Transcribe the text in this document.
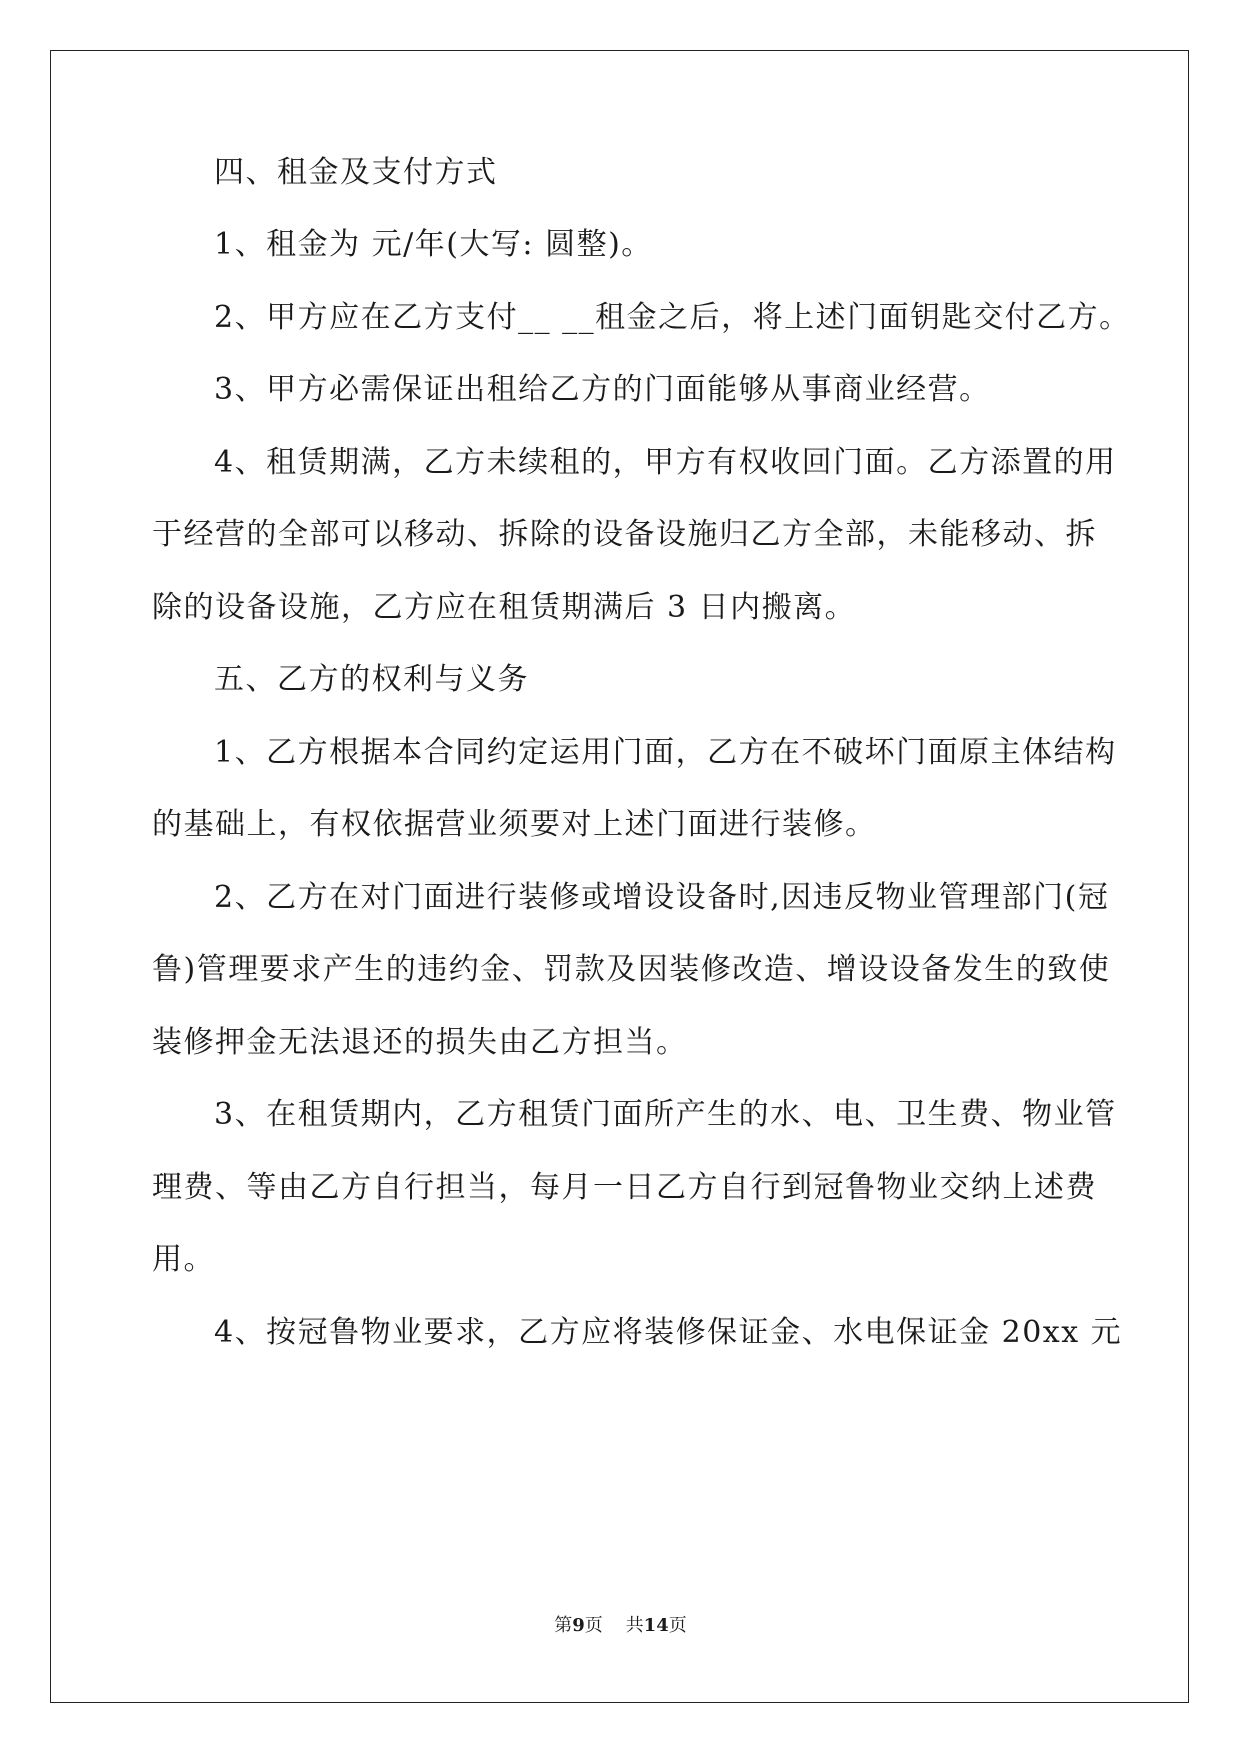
四、租金及支付方式
1、租金为 元/年(大写: 圆整)。
2、甲方应在乙方支付__ __租金之后，将上述门面钥匙交付乙方。
3、甲方必需保证出租给乙方的门面能够从事商业经营。
4、租赁期满，乙方未续租的，甲方有权收回门面。乙方添置的用
于经营的全部可以移动、拆除的设备设施归乙方全部，未能移动、拆
除的设备设施，乙方应在租赁期满后 3 日内搬离。
五、乙方的权利与义务
1、乙方根据本合同约定运用门面，乙方在不破坏门面原主体结构
的基础上，有权依据营业须要对上述门面进行装修。
2、乙方在对门面进行装修或增设设备时,因违反物业管理部门(冠
鲁)管理要求产生的违约金、罚款及因装修改造、增设设备发生的致使
装修押金无法退还的损失由乙方担当。
3、在租赁期内，乙方租赁门面所产生的水、电、卫生费、物业管
理费、等由乙方自行担当，每月一日乙方自行到冠鲁物业交纳上述费
用。
4、按冠鲁物业要求，乙方应将装修保证金、水电保证金 20xx 元
第9页 共14页
